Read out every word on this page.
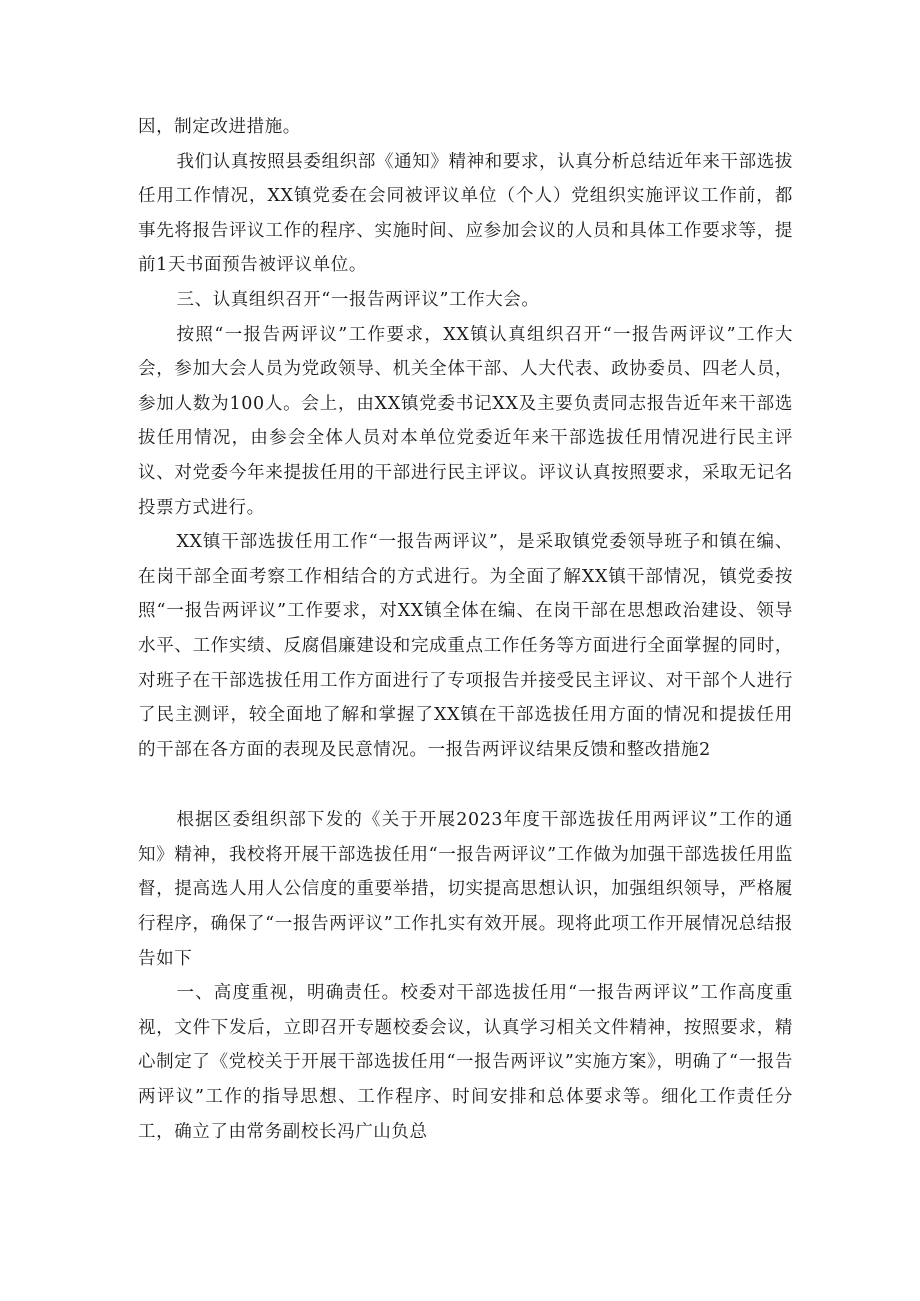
因，制定改进措施。

我们认真按照县委组织部《通知》精神和要求，认真分析总结近年来干部选拔任用工作情况，XX镇党委在会同被评议单位（个人）党组织实施评议工作前，都事先将报告评议工作的程序、实施时间、应参加会议的人员和具体工作要求等，提前1天书面预告被评议单位。

三、认真组织召开“一报告两评议”工作大会。

按照“一报告两评议”工作要求，XX镇认真组织召开“一报告两评议”工作大会，参加大会人员为党政领导、机关全体干部、人大代表、政协委员、四老人员，参加人数为100人。会上，由XX镇党委书记XX及主要负责同志报告近年来干部选拔任用情况，由参会全体人员对本单位党委近年来干部选拔任用情况进行民主评议、对党委今年来提拔任用的干部进行民主评议。评议认真按照要求，采取无记名投票方式进行。

XX镇干部选拔任用工作“一报告两评议”，是采取镇党委领导班子和镇在编、在岗干部全面考察工作相结合的方式进行。为全面了解XX镇干部情况，镇党委按照“一报告两评议”工作要求，对XX镇全体在编、在岗干部在思想政治建设、领导水平、工作实绩、反腐倡廉建设和完成重点工作任务等方面进行全面掌握的同时，对班子在干部选拔任用工作方面进行了专项报告并接受民主评议、对干部个人进行了民主测评，较全面地了解和掌握了XX镇在干部选拔任用方面的情况和提拔任用的干部在各方面的表现及民意情况。一报告两评议结果反馈和整改措施2

根据区委组织部下发的《关于开展2023年度干部选拔任用两评议”工作的通知》精神，我校将开展干部选拔任用“一报告两评议”工作做为加强干部选拔任用监督，提高选人用人公信度的重要举措，切实提高思想认识，加强组织领导，严格履行程序，确保了“一报告两评议”工作扎实有效开展。现将此项工作开展情况总结报告如下

一、高度重视，明确责任。校委对干部选拔任用“一报告两评议”工作高度重视，文件下发后，立即召开专题校委会议，认真学习相关文件精神，按照要求，精心制定了《党校关于开展干部选拔任用“一报告两评议”实施方案》，明确了“一报告两评议”工作的指导思想、工作程序、时间安排和总体要求等。细化工作责任分工，确立了由常务副校长冯广山负总
